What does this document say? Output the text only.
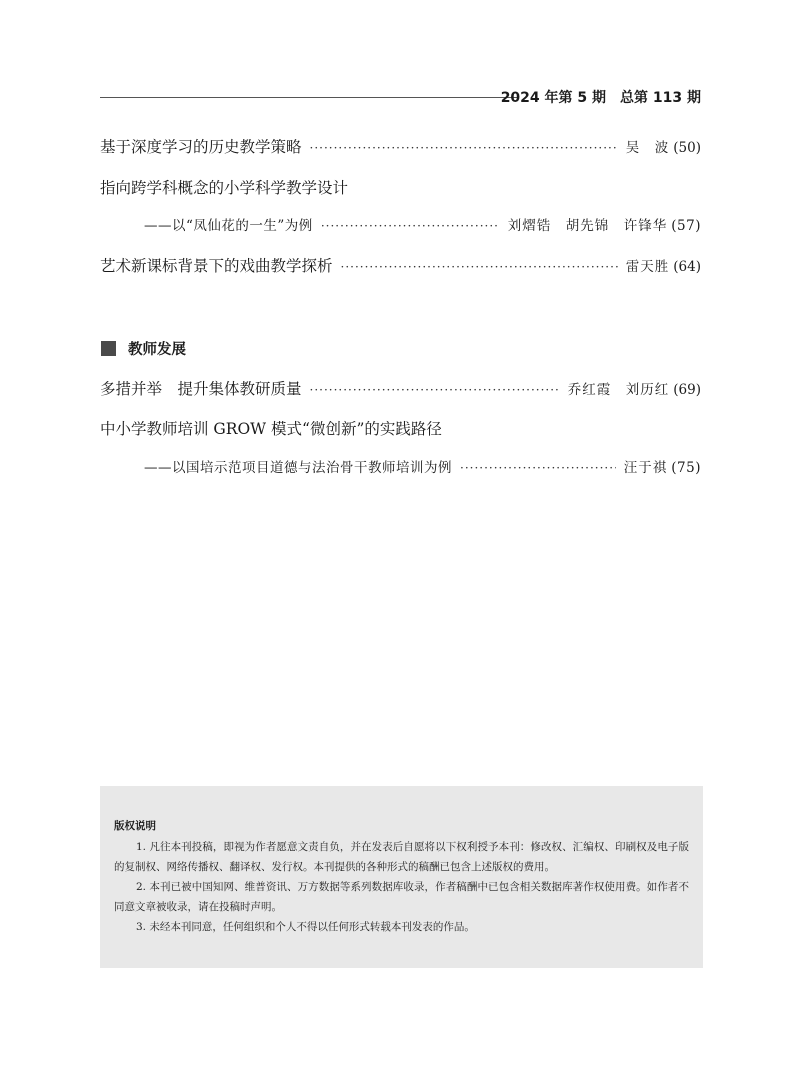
2024 年第 5 期　总第 113 期
基于深度学习的历史教学策略 ·····	吴　波 (50)
指向跨学科概念的小学科学教学设计
——以“凤仙花的一生”为例 ·····	刘熠锆　胡先锦　许锋华 (57)
艺术新课标背景下的戏曲教学探析 ·····	雷天胜 (64)
教师发展
多措并举　提升集体教研质量 ·····	乔红霞　刘历红 (69)
中小学教师培训 GROW 模式“微创新”的实践路径
——以国培示范项目道德与法治骨干教师培训为例 ·····	汪于祺 (75)
版权说明

1. 凡往本刊投稿，即视为作者愿意文责自负，并在发表后自愿将以下权利授予本刊：修改权、汇编权、印刷权及电子版的复制权、网络传播权、翻译权、发行权。本刊提供的各种形式的稿酬已包含上述版权的费用。

2. 本刊已被中国知网、维普资讯、万方数据等系列数据库收录，作者稿酬中已包含相关数据库著作权使用费。如作者不同意文章被收录，请在投稿时声明。

3. 未经本刊同意，任何组织和个人不得以任何形式转载本刊发表的作品。
